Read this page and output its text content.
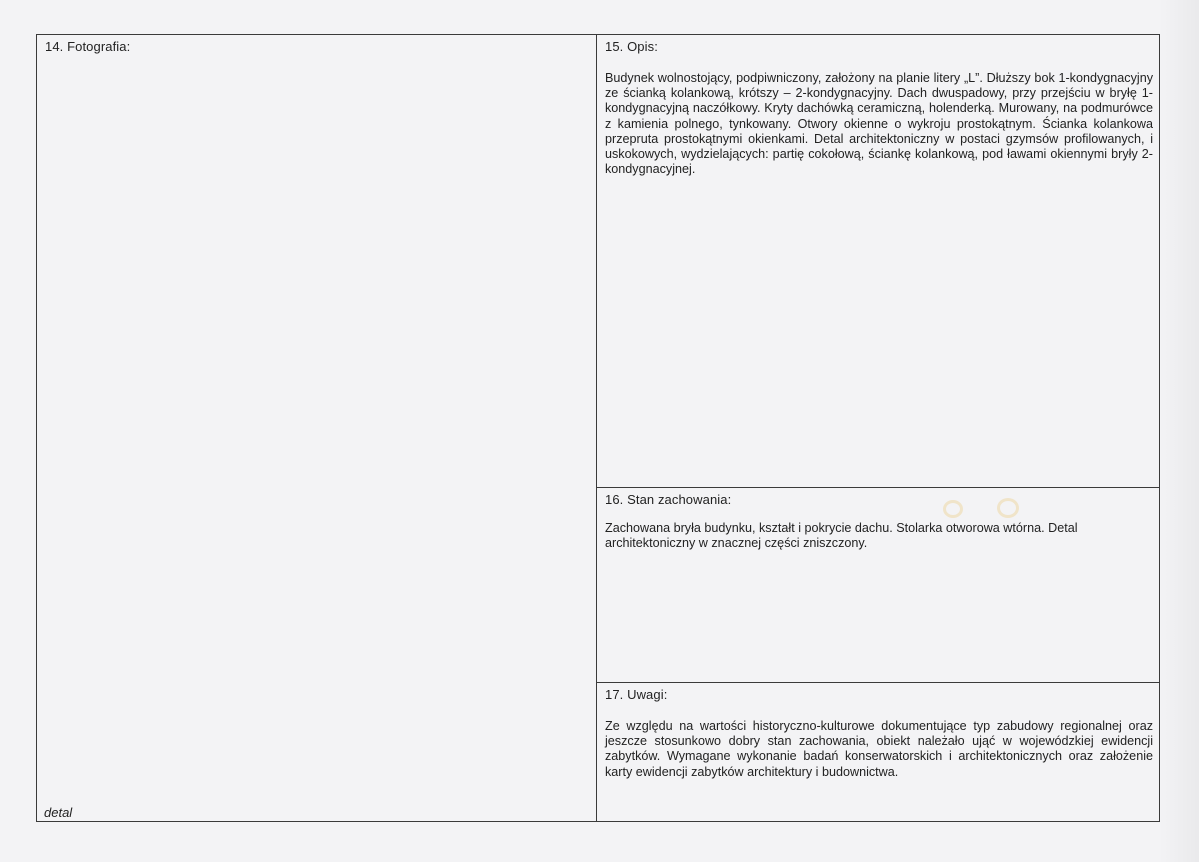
14. Fotografia:
detal
15. Opis:
Budynek wolnostojący, podpiwniczony, założony na planie litery „L”. Dłuższy bok 1-kondygnacyjny ze ścianką kolankową, krótszy – 2-kondygnacyjny. Dach dwuspadowy, przy przejściu w bryłę 1-kondygnacyjną naczółkowy. Kryty dachówką ceramiczną, holenderką. Murowany, na podmurówce z kamienia polnego, tynkowany. Otwory okienne o wykroju prostokątnym. Ścianka kolankowa przepruta prostokątnymi okienkami. Detal architektoniczny w postaci gzymsów profilowanych, i uskokowych, wydzielających: partię cokołową, ściankę kolankową, pod ławami okiennymi bryły 2-kondygnacyjnej.
16. Stan zachowania:
Zachowana bryła budynku, kształt i pokrycie dachu. Stolarka otworowa wtórna. Detal architektoniczny w znacznej części zniszczony.
17. Uwagi:
Ze względu na wartości historyczno-kulturowe dokumentujące typ zabudowy regionalnej oraz jeszcze stosunkowo dobry stan zachowania, obiekt należało ująć w wojewódzkiej ewidencji zabytków. Wymagane wykonanie badań konserwatorskich i architektonicznych oraz założenie karty ewidencji zabytków architektury i budownictwa.
